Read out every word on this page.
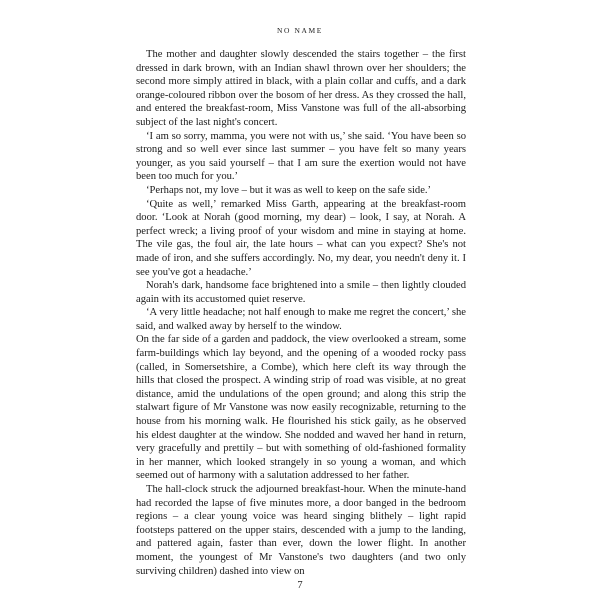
NO NAME

The mother and daughter slowly descended the stairs together – the first dressed in dark brown, with an Indian shawl thrown over her shoulders; the second more simply attired in black, with a plain collar and cuffs, and a dark orange-coloured ribbon over the bosom of her dress. As they crossed the hall, and entered the breakfast-room, Miss Vanstone was full of the all-absorbing subject of the last night's concert.

‘I am so sorry, mamma, you were not with us,’ she said. ‘You have been so strong and so well ever since last summer – you have felt so many years younger, as you said yourself – that I am sure the exertion would not have been too much for you.’

‘Perhaps not, my love – but it was as well to keep on the safe side.’

‘Quite as well,’ remarked Miss Garth, appearing at the breakfast-room door. ‘Look at Norah (good morning, my dear) – look, I say, at Norah. A perfect wreck; a living proof of your wisdom and mine in staying at home. The vile gas, the foul air, the late hours – what can you expect? She's not made of iron, and she suffers accordingly. No, my dear, you needn't deny it. I see you've got a headache.’

Norah's dark, handsome face brightened into a smile – then lightly clouded again with its accustomed quiet reserve.

‘A very little headache; not half enough to make me regret the concert,’ she said, and walked away by herself to the window.

On the far side of a garden and paddock, the view overlooked a stream, some farm-buildings which lay beyond, and the opening of a wooded rocky pass (called, in Somersetshire, a Combe), which here cleft its way through the hills that closed the prospect. A winding strip of road was visible, at no great distance, amid the undulations of the open ground; and along this strip the stalwart figure of Mr Vanstone was now easily recognizable, returning to the house from his morning walk. He flourished his stick gaily, as he observed his eldest daughter at the window. She nodded and waved her hand in return, very gracefully and prettily – but with something of old-fashioned formality in her manner, which looked strangely in so young a woman, and which seemed out of harmony with a salutation addressed to her father.

The hall-clock struck the adjourned breakfast-hour. When the minute-hand had recorded the lapse of five minutes more, a door banged in the bedroom regions – a clear young voice was heard singing blithely – light rapid footsteps pattered on the upper stairs, descended with a jump to the landing, and pattered again, faster than ever, down the lower flight. In another moment, the youngest of Mr Vanstone's two daughters (and two only surviving children) dashed into view on

7
